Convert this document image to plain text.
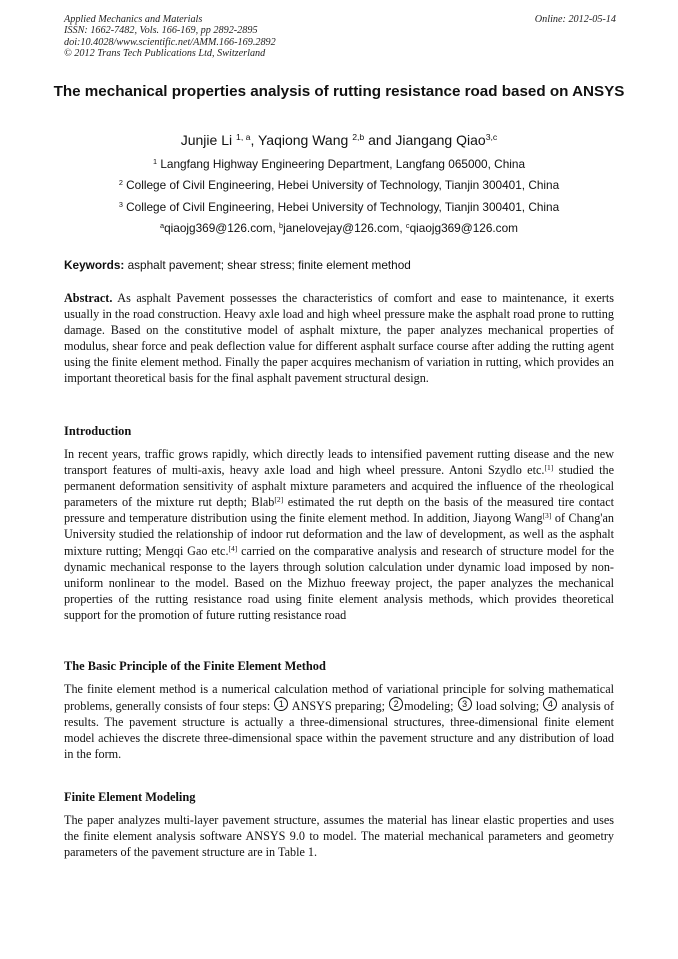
Applied Mechanics and Materials	Online: 2012-05-14
ISSN: 1662-7482, Vols. 166-169, pp 2892-2895
doi:10.4028/www.scientific.net/AMM.166-169.2892
© 2012 Trans Tech Publications Ltd, Switzerland
The mechanical properties analysis of rutting resistance road based on ANSYS
Junjie Li $^{1, a}$, Yaqiong Wang $^{2,b}$ and Jiangang Qiao$^{3,c}$
$^1$ Langfang Highway Engineering Department, Langfang 065000, China
$^2$ College of Civil Engineering, Hebei University of Technology, Tianjin 300401, China
$^3$ College of Civil Engineering, Hebei University of Technology, Tianjin 300401, China
$^a$qiaojg369@126.com, $^b$janelovejay@126.com, $^c$qiaojg369@126.com
Keywords: asphalt pavement; shear stress; finite element method
Abstract. As asphalt Pavement possesses the characteristics of comfort and ease to maintenance, it exerts usually in the road construction. Heavy axle load and high wheel pressure make the asphalt road prone to rutting damage. Based on the constitutive model of asphalt mixture, the paper analyzes mechanical properties of modulus, shear force and peak deflection value for different asphalt surface course after adding the rutting agent using the finite element method. Finally the paper acquires mechanism of variation in rutting, which provides an important theoretical basis for the final asphalt pavement structural design.
Introduction
In recent years, traffic grows rapidly, which directly leads to intensified pavement rutting disease and the new transport features of multi-axis, heavy axle load and high wheel pressure. Antoni Szydlo etc.[1] studied the permanent deformation sensitivity of asphalt mixture parameters and acquired the influence of the rheological parameters of the mixture rut depth; Blab[2] estimated the rut depth on the basis of the measured tire contact pressure and temperature distribution using the finite element method. In addition, Jiayong Wang[3] of Chang'an University studied the relationship of indoor rut deformation and the law of development, as well as the asphalt mixture rutting; Mengqi Gao etc.[4] carried on the comparative analysis and research of structure model for the dynamic mechanical response to the layers through solution calculation under dynamic load imposed by non-uniform nonlinear to the model. Based on the Mizhuo freeway project, the paper analyzes the mechanical properties of the rutting resistance road using finite element analysis methods, which provides theoretical support for the promotion of future rutting resistance road
The Basic Principle of the Finite Element Method
The finite element method is a numerical calculation method of variational principle for solving mathematical problems, generally consists of four steps: 1 ANSYS preparing; 2 modeling; 3 load solving; 4 analysis of results. The pavement structure is actually a three-dimensional structures, three-dimensional finite element model achieves the discrete three-dimensional space within the pavement structure and any distribution of load in the form.
Finite Element Modeling
The paper analyzes multi-layer pavement structure, assumes the material has linear elastic properties and uses the finite element analysis software ANSYS 9.0 to model. The material mechanical parameters and geometry parameters of the pavement structure are in Table 1.
